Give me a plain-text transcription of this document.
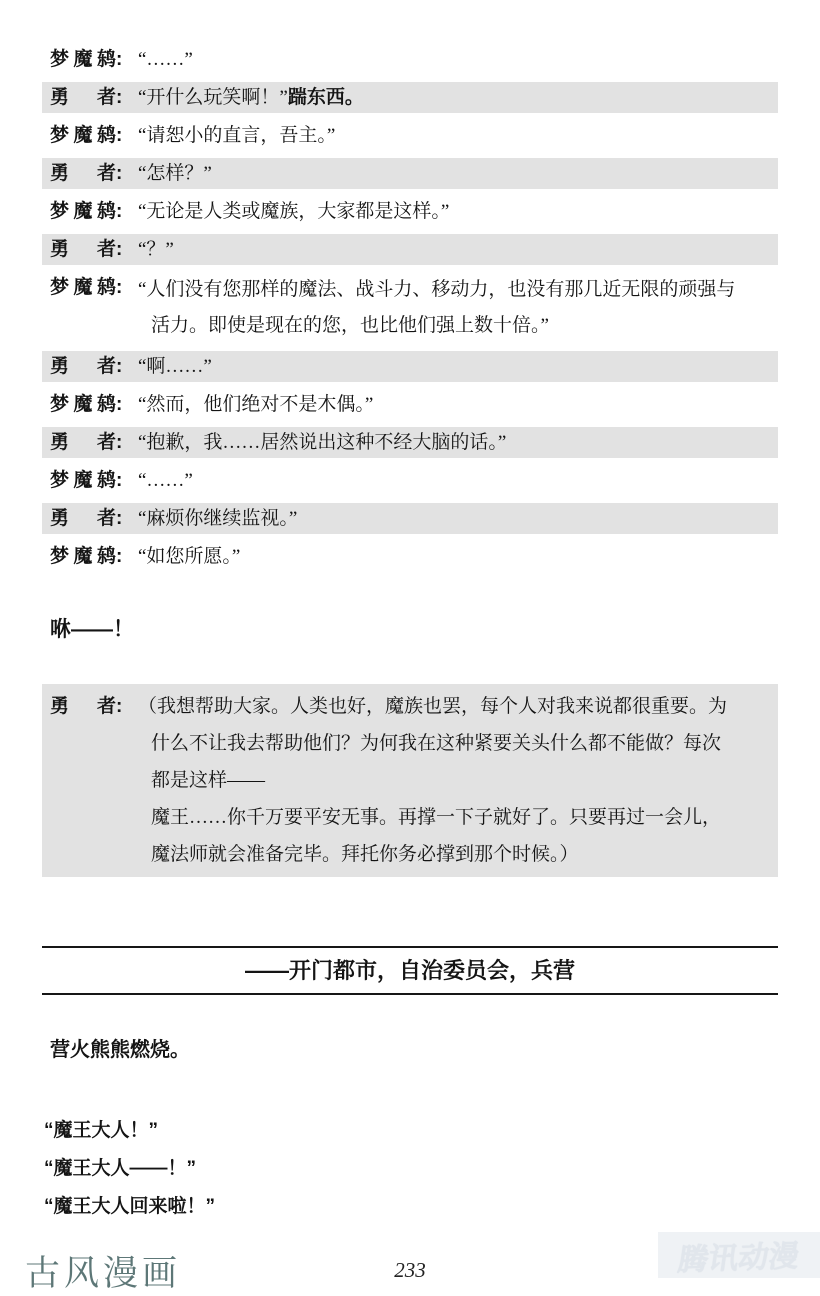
梦魔鸫: “……”
勇者: “开什么玩笑啊！”踹东西。
梦魔鸫: “请恕小的直言，吾主。”
勇者: “怎样？”
梦魔鸫: “无论是人类或魔族，大家都是这样。”
勇者: “？”
梦魔鸫: “人们没有您那样的魔法、战斗力、移动力，也没有那几近无限的顽强与
活力。即使是现在的您，也比他们强上数十倍。”
勇者: “啊……”
梦魔鸫: “然而，他们绝对不是木偶。”
勇者: “抱歉，我……居然说出这种不经大脑的话。”
梦魔鸫: “……”
勇者: “麻烦你继续监视。”
梦魔鸫: “如您所愿。”
咻——！
勇者: （我想帮助大家。人类也好，魔族也罢，每个人对我来说都很重要。为
什么不让我去帮助他们？为何我在这种紧要关头什么都不能做？每次
都是这样——
魔王……你千万要平安无事。再撑一下子就好了。只要再过一会儿，
魔法师就会准备完毕。拜托你务必撑到那个时候。）
——开门都市，自治委员会，兵营
营火熊熊燃烧。
“魔王大人！”
“魔王大人——！”
“魔王大人回来啦！”
古风漫画	233	腾讯动漫
